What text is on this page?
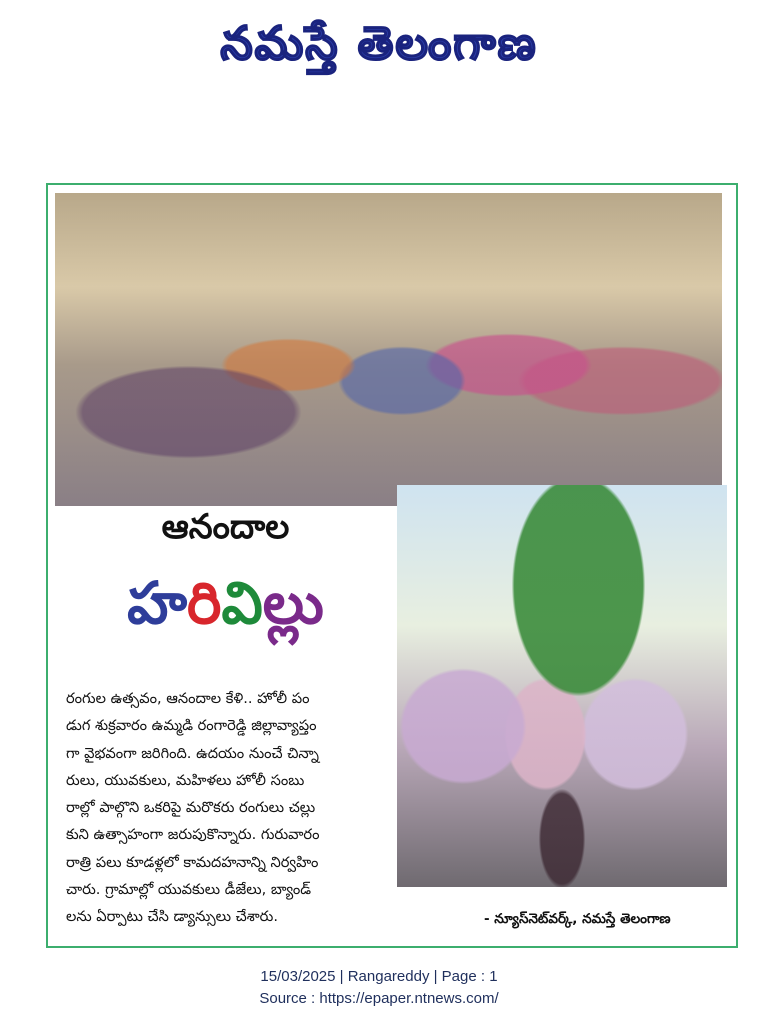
నమస్తే తెలంగాణ
ఆనందాల
హరివిల్లు
రంగుల ఉత్సవం, ఆనందాల కేళి.. హోలీ పం
డుగ శుక్రవారం ఉమ్మడి రంగారెడ్డి జిల్లావ్యాప్తం
గా వైభవంగా జరిగింది. ఉదయం నుంచే చిన్నా
రులు, యువకులు, మహిళలు హోలీ సంబు
రాల్లో పాల్గొని ఒకరిపై మరొకరు రంగులు చల్లు
కుని ఉత్సాహంగా జరుపుకొన్నారు. గురువారం
రాత్రి పలు కూడళ్లలో కామదహనాన్ని నిర్వహిం
చారు. గ్రామాల్లో యువకులు డీజేలు, బ్యాండ్
లను ఏర్పాటు చేసి డ్యాన్సులు చేశారు.	- న్యూస్‌నెట్‌వర్క్, నమస్తే తెలంగాణ
15/03/2025 | Rangareddy | Page : 1
Source : https://epaper.ntnews.com/
